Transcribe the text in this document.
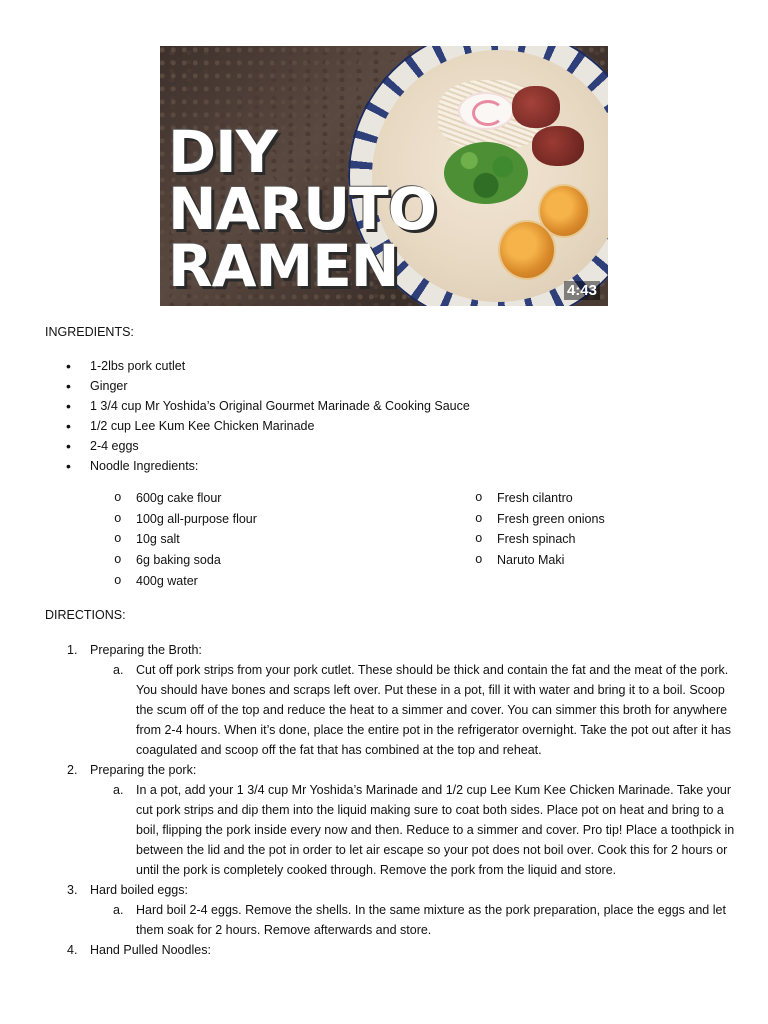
DIY
NARUTO
RAMEN	4:43

INGREDIENTS:

• 1-2lbs pork cutlet
• Ginger
• 1 3/4 cup Mr Yoshida’s Original Gourmet Marinade & Cooking Sauce
• 1/2 cup Lee Kum Kee Chicken Marinade
• 2-4 eggs
• Noodle Ingredients:
o 600g cake flour
o 100g all-purpose flour
o 10g salt
o 6g baking soda
o 400g water
o Fresh cilantro
o Fresh green onions
o Fresh spinach
o Naruto Maki

DIRECTIONS:

1. Preparing the Broth:
a. Cut off pork strips from your pork cutlet. These should be thick and contain the fat and the meat of the pork. You should have bones and scraps left over. Put these in a pot, fill it with water and bring it to a boil. Scoop the scum off of the top and reduce the heat to a simmer and cover. You can simmer this broth for anywhere from 2-4 hours. When it’s done, place the entire pot in the refrigerator overnight. Take the pot out after it has coagulated and scoop off the fat that has combined at the top and reheat.
2. Preparing the pork:
a. In a pot, add your 1 3/4 cup Mr Yoshida’s Marinade and 1/2 cup Lee Kum Kee Chicken Marinade. Take your cut pork strips and dip them into the liquid making sure to coat both sides. Place pot on heat and bring to a boil, flipping the pork inside every now and then. Reduce to a simmer and cover. Pro tip! Place a toothpick in between the lid and the pot in order to let air escape so your pot does not boil over. Cook this for 2 hours or until the pork is completely cooked through. Remove the pork from the liquid and store.
3. Hard boiled eggs:
a. Hard boil 2-4 eggs. Remove the shells. In the same mixture as the pork preparation, place the eggs and let them soak for 2 hours. Remove afterwards and store.
4. Hand Pulled Noodles:
